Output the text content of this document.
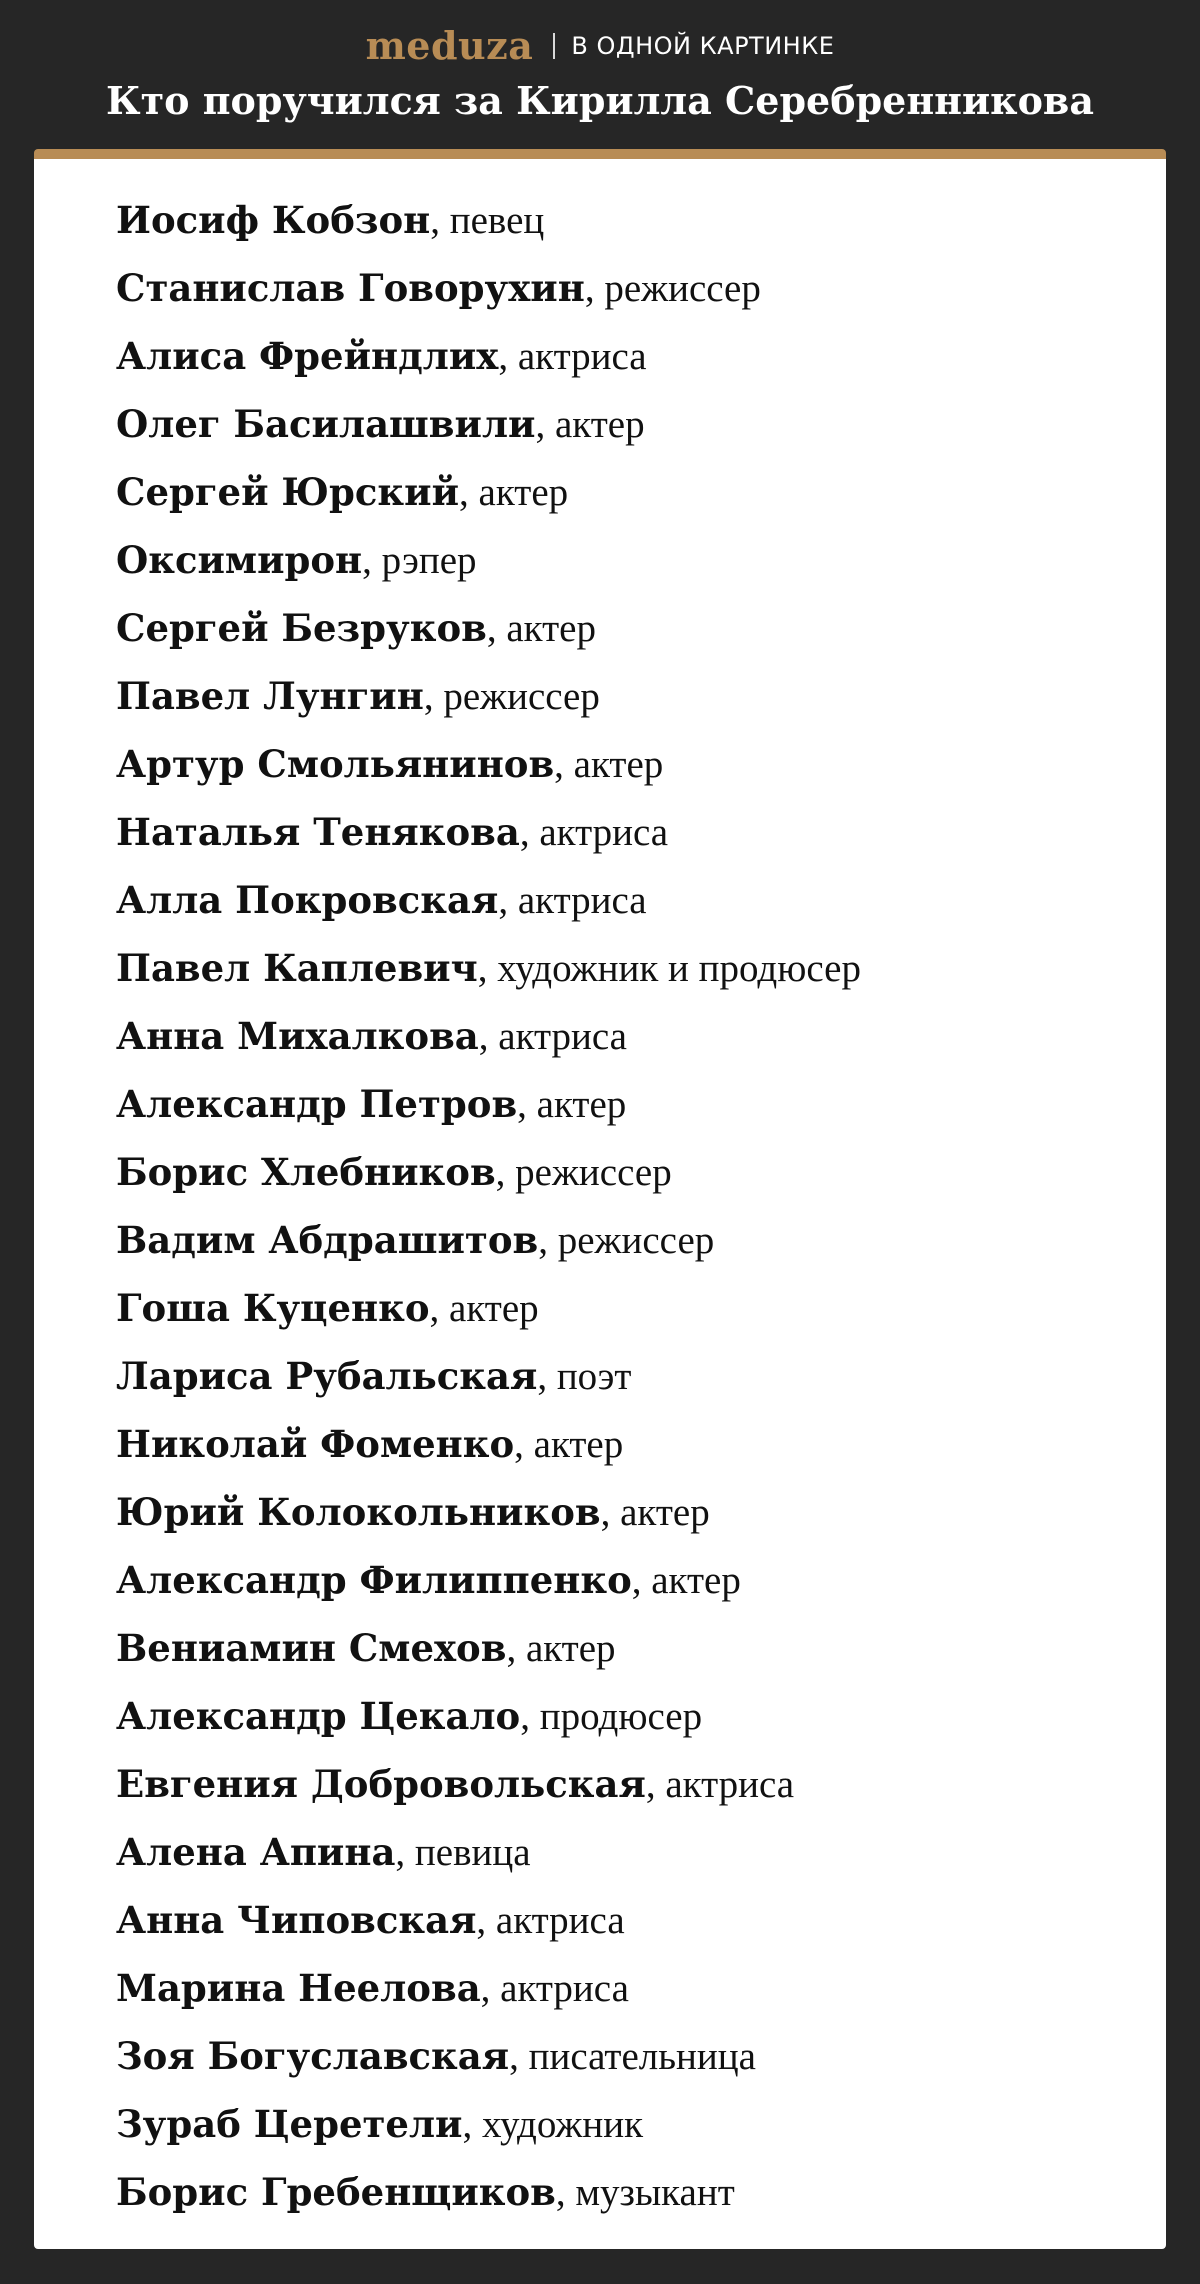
meduza В ОДНОЙ КАРТИНКЕ
Кто поручился за Кирилла Серебренникова
Иосиф Кобзон, певец
Станислав Говорухин, режиссер
Алиса Фрейндлих, актриса
Олег Басилашвили, актер
Сергей Юрский, актер
Оксимирон, рэпер
Сергей Безруков, актер
Павел Лунгин, режиссер
Артур Смольянинов, актер
Наталья Тенякова, актриса
Алла Покровская, актриса
Павел Каплевич, художник и продюсер
Анна Михалкова, актриса
Александр Петров, актер
Борис Хлебников, режиссер
Вадим Абдрашитов, режиссер
Гоша Куценко, актер
Лариса Рубальская, поэт
Николай Фоменко, актер
Юрий Колокольников, актер
Александр Филиппенко, актер
Вениамин Смехов, актер
Александр Цекало, продюсер
Евгения Добровольская, актриса
Алена Апина, певица
Анна Чиповская, актриса
Марина Неелова, актриса
Зоя Богуславская, писательница
Зураб Церетели, художник
Борис Гребенщиков, музыкант
